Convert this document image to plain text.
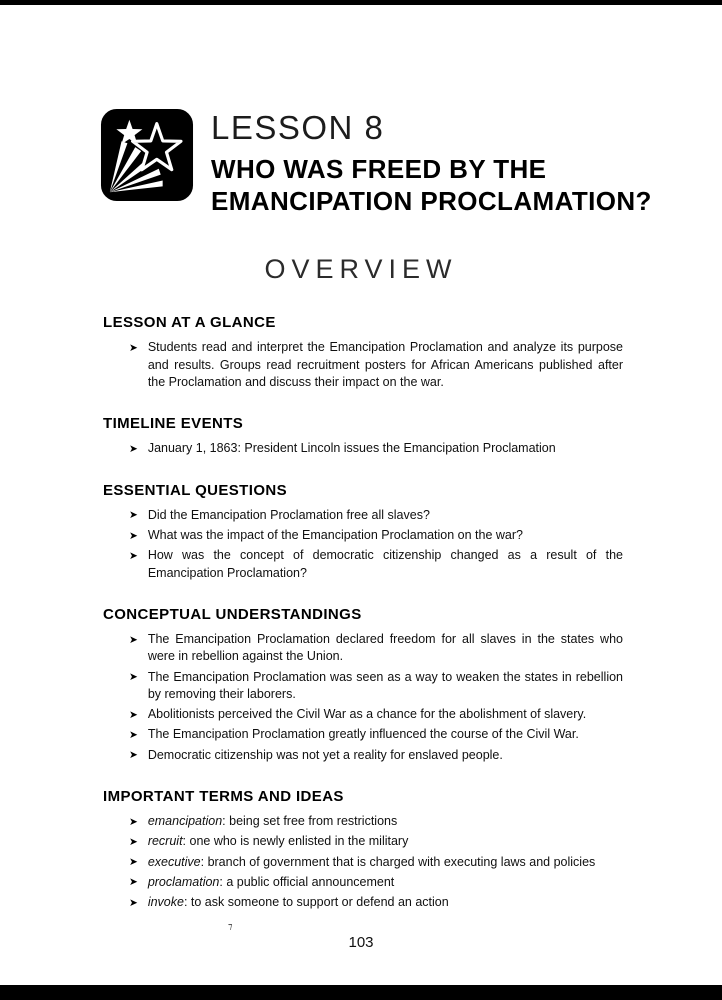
LESSON 8
WHO WAS FREED BY THE
EMANCIPATION PROCLAMATION?
OVERVIEW
LESSON AT A GLANCE
➤ Students read and interpret the Emancipation Proclamation and analyze its purpose and results. Groups read recruitment posters for African Americans published after the Proclamation and discuss their impact on the war.
TIMELINE EVENTS
➤ January 1, 1863: President Lincoln issues the Emancipation Proclamation
ESSENTIAL QUESTIONS
➤ Did the Emancipation Proclamation free all slaves?
➤ What was the impact of the Emancipation Proclamation on the war?
➤ How was the concept of democratic citizenship changed as a result of the Emancipation Proclamation?
CONCEPTUAL UNDERSTANDINGS
➤ The Emancipation Proclamation declared freedom for all slaves in the states who were in rebellion against the Union.
➤ The Emancipation Proclamation was seen as a way to weaken the states in rebellion by removing their laborers.
➤ Abolitionists perceived the Civil War as a chance for the abolishment of slavery.
➤ The Emancipation Proclamation greatly influenced the course of the Civil War.
➤ Democratic citizenship was not yet a reality for enslaved people.
IMPORTANT TERMS AND IDEAS
➤ emancipation: being set free from restrictions
➤ recruit: one who is newly enlisted in the military
➤ executive: branch of government that is charged with executing laws and policies
➤ proclamation: a public official announcement
➤ invoke: to ask someone to support or defend an action
⁊
103
